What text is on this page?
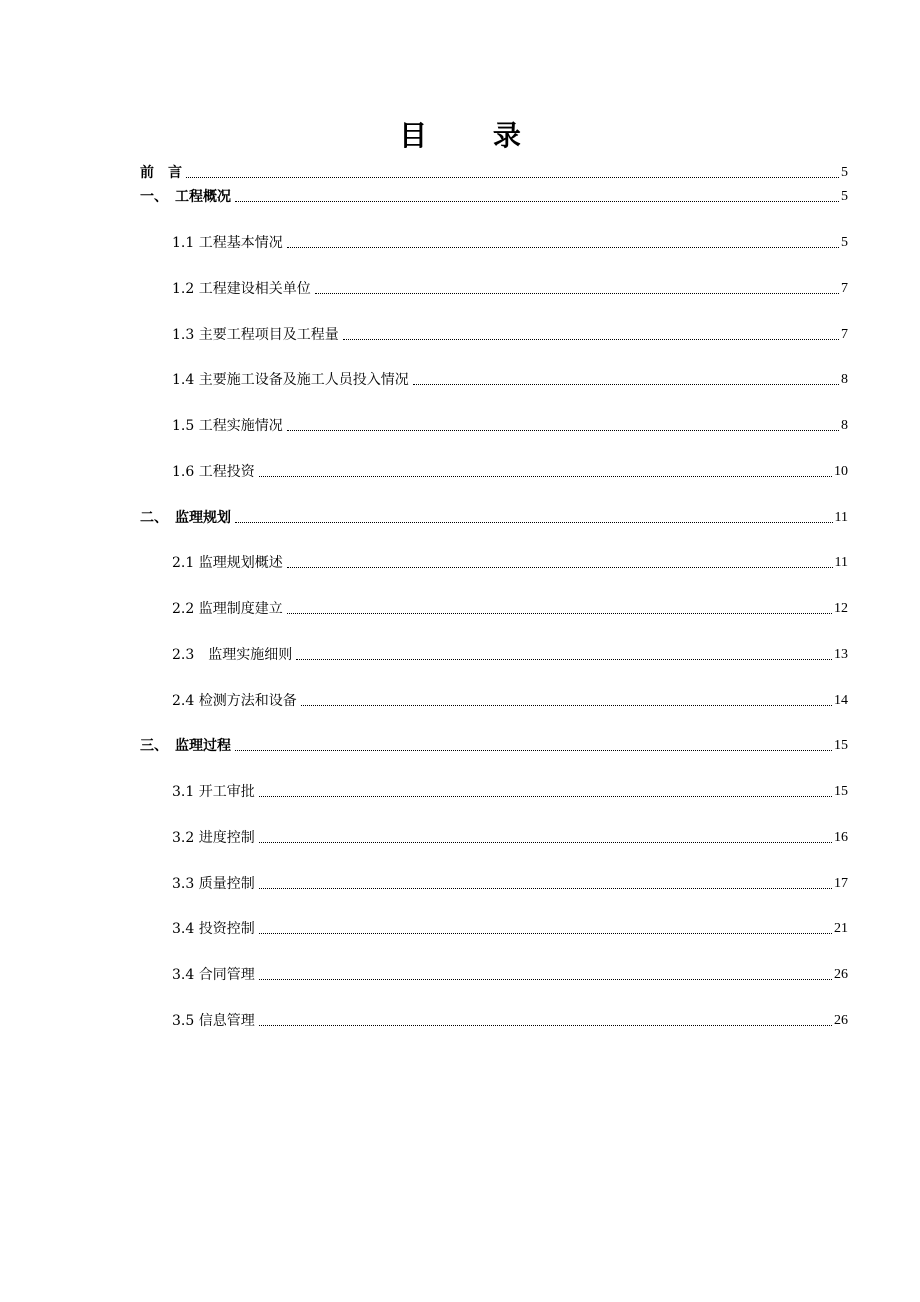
目 录
前　言	5
一、　工程概况	5
1.1 工程基本情况	5
1.2 工程建设相关单位	7
1.3 主要工程项目及工程量	7
1.4 主要施工设备及施工人员投入情况	8
1.5 工程实施情况	8
1.6 工程投资	10
二、　监理规划	11
2.1 监理规划概述	11
2.2 监理制度建立	12
2.3　监理实施细则	13
2.4 检测方法和设备	14
三、　监理过程	15
3.1 开工审批	15
3.2 进度控制	16
3.3 质量控制	17
3.4 投资控制	21
3.4 合同管理	26
3.5 信息管理	26
